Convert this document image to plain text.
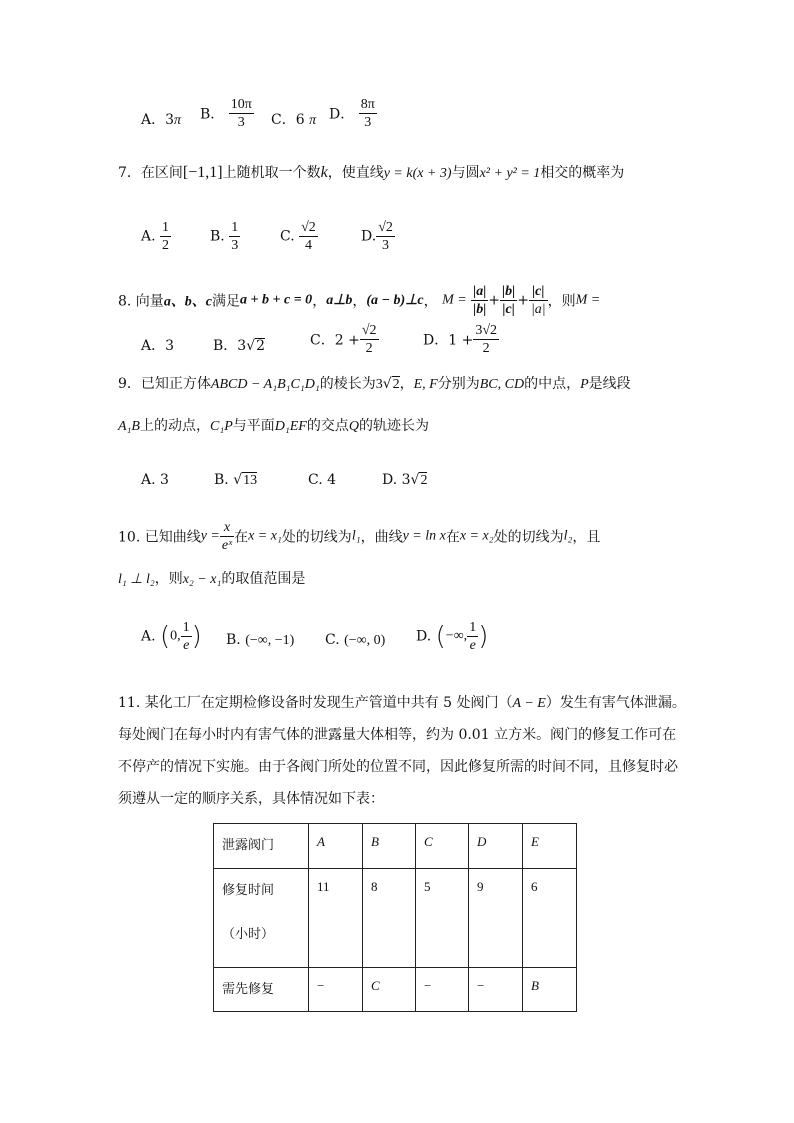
A．3π B． $\frac{10\pi}{3}$ C．6 π D． $\frac{8\pi}{3}$
7．在区间[−1,1]上随机取一个数k，使直线y = k(x + 3)与圆x² + y² = 1相交的概率为
A. $\frac{1}{2}$	B. $\frac{1}{3}$	C. $\frac{√2}{4}$	D. $\frac{√2}{3}$
8. 向量a、b、c满足a + b + c = 0，a⊥b，(a − b)⊥c， $M = \frac{|a|}{|b|} + \frac{|b|}{|c|} + \frac{|c|}{|a|}$ ，则M =
A．3	B．3√2	C．$2 + \frac{√2}{2}$	D．$1 + \frac{3√2}{2}$
9．已知正方体ABCD − A₁B₁C₁D₁的棱长为3√2，E, F分别为BC, CD的中点，P是线段
A₁B上的动点，C₁P与平面D₁EF的交点Q的轨迹长为
A. 3	B. √13	C. 4	D. 3√2
10. 已知曲线$y = \frac{x}{\text{eˣ}}$ 在x = x₁处的切线为l₁，曲线y = ln x在x = x₂处的切线为l₂，且
l₁ ⊥ l₂，则x₂ − x₁的取值范围是
A. (0, $\frac{1}{e}$ ) B. (−∞, −1) C. (−∞, 0) D. (−∞, $\frac{1}{e}$ )
11. 某化工厂在定期检修设备时发现生产管道中共有 5 处阀门（A − E）发生有害气体泄漏。
每处阀门在每小时内有害气体的泄露量大体相等，约为 0.01 立方米。阀门的修复工作可在
不停产的情况下实施。由于各阀门所处的位置不同，因此修复所需的时间不同，且修复时必
须遵从一定的顺序关系，具体情况如下表：
泄露阀门	A	B	C	D	E

修复时间
（小时）	11	8	5	9	6

需先修复	−	C	−	−	B
